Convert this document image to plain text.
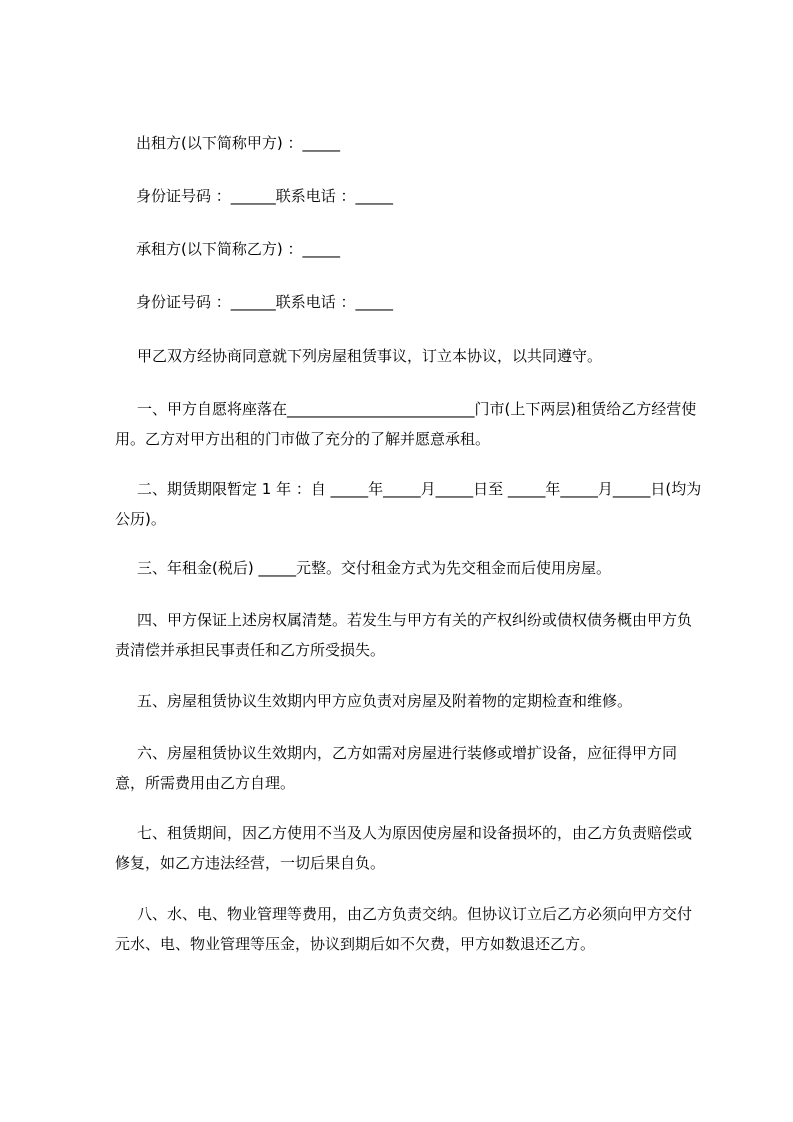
出租方(以下简称甲方) ：_____
身份证号码 ：______联系电话 ：_____
承租方(以下简称乙方) ：_____
身份证号码 ：______联系电话 ：_____
甲乙双方经协商同意就下列房屋租赁事议，订立本协议，以共同遵守。
一、甲方自愿将座落在_________________________门市(上下两层)租赁给乙方经营使用。乙方对甲方出租的门市做了充分的了解并愿意承租。
二、期赁期限暂定 1 年 ：自 _____年_____月_____日至 _____年_____月_____日(均为公历)。
三、年租金(税后) _____元整。交付租金方式为先交租金而后使用房屋。
四、甲方保证上述房权属清楚。若发生与甲方有关的产权纠纷或债权债务概由甲方负责清偿并承担民事责任和乙方所受损失。
五、房屋租赁协议生效期内甲方应负责对房屋及附着物的定期检查和维修。
六、房屋租赁协议生效期内，乙方如需对房屋进行装修或增扩设备，应征得甲方同意，所需费用由乙方自理。
七、租赁期间，因乙方使用不当及人为原因使房屋和设备损坏的，由乙方负责赔偿或修复，如乙方违法经营，一切后果自负。
八、水、电、物业管理等费用，由乙方负责交纳。但协议订立后乙方必须向甲方交付 元水、电、物业管理等压金，协议到期后如不欠费，甲方如数退还乙方。
